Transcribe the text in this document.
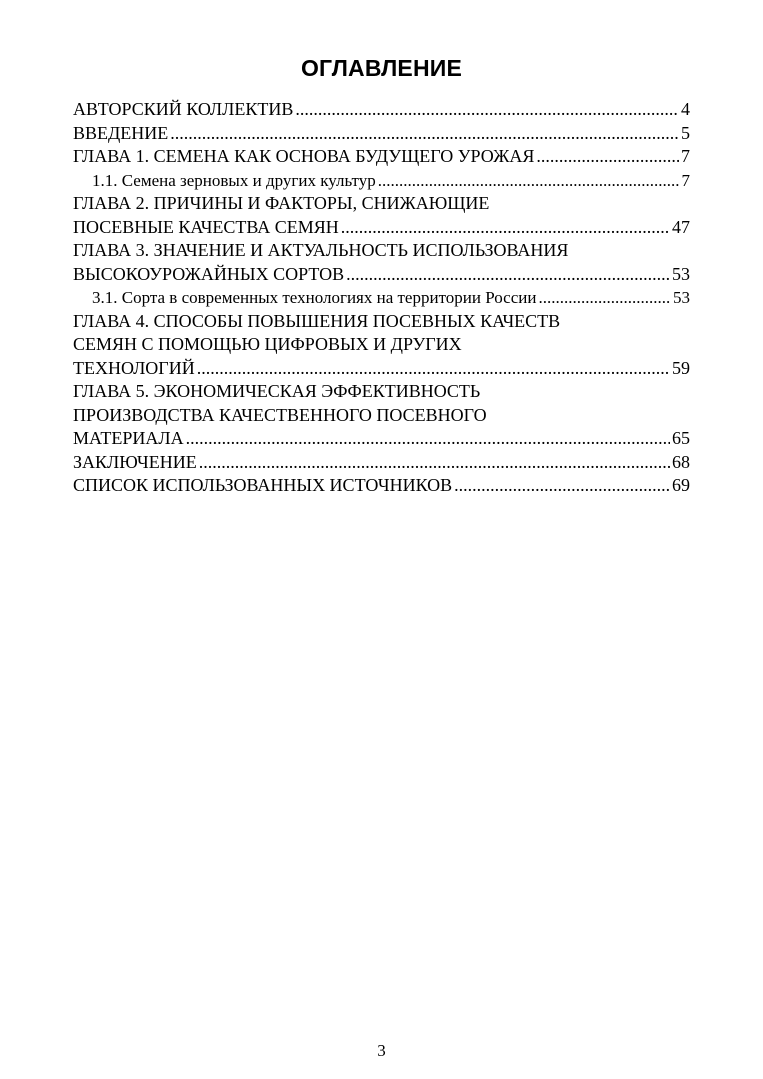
ОГЛАВЛЕНИЕ
АВТОРСКИЙ КОЛЛЕКТИВ .....	4
ВВЕДЕНИЕ .....	5
ГЛАВА 1. СЕМЕНА КАК ОСНОВА БУДУЩЕГО УРОЖАЯ .....	7
1.1. Семена зерновых и других культур .....	7
ГЛАВА 2. ПРИЧИНЫ И ФАКТОРЫ, СНИЖАЮЩИЕ
ПОСЕВНЫЕ КАЧЕСТВА СЕМЯН .....	47
ГЛАВА 3. ЗНАЧЕНИЕ И АКТУАЛЬНОСТЬ ИСПОЛЬЗОВАНИЯ
ВЫСОКОУРОЖАЙНЫХ СОРТОВ .....	53
3.1. Сорта в современных технологиях на территории России .....	53
ГЛАВА 4. СПОСОБЫ ПОВЫШЕНИЯ ПОСЕВНЫХ КАЧЕСТВ
СЕМЯН С ПОМОЩЬЮ ЦИФРОВЫХ И ДРУГИХ
ТЕХНОЛОГИЙ .....	59
ГЛАВА 5. ЭКОНОМИЧЕСКАЯ ЭФФЕКТИВНОСТЬ
ПРОИЗВОДСТВА КАЧЕСТВЕННОГО ПОСЕВНОГО
МАТЕРИАЛА .....	65
ЗАКЛЮЧЕНИЕ .....	68
СПИСОК ИСПОЛЬЗОВАННЫХ ИСТОЧНИКОВ .....	69
3
